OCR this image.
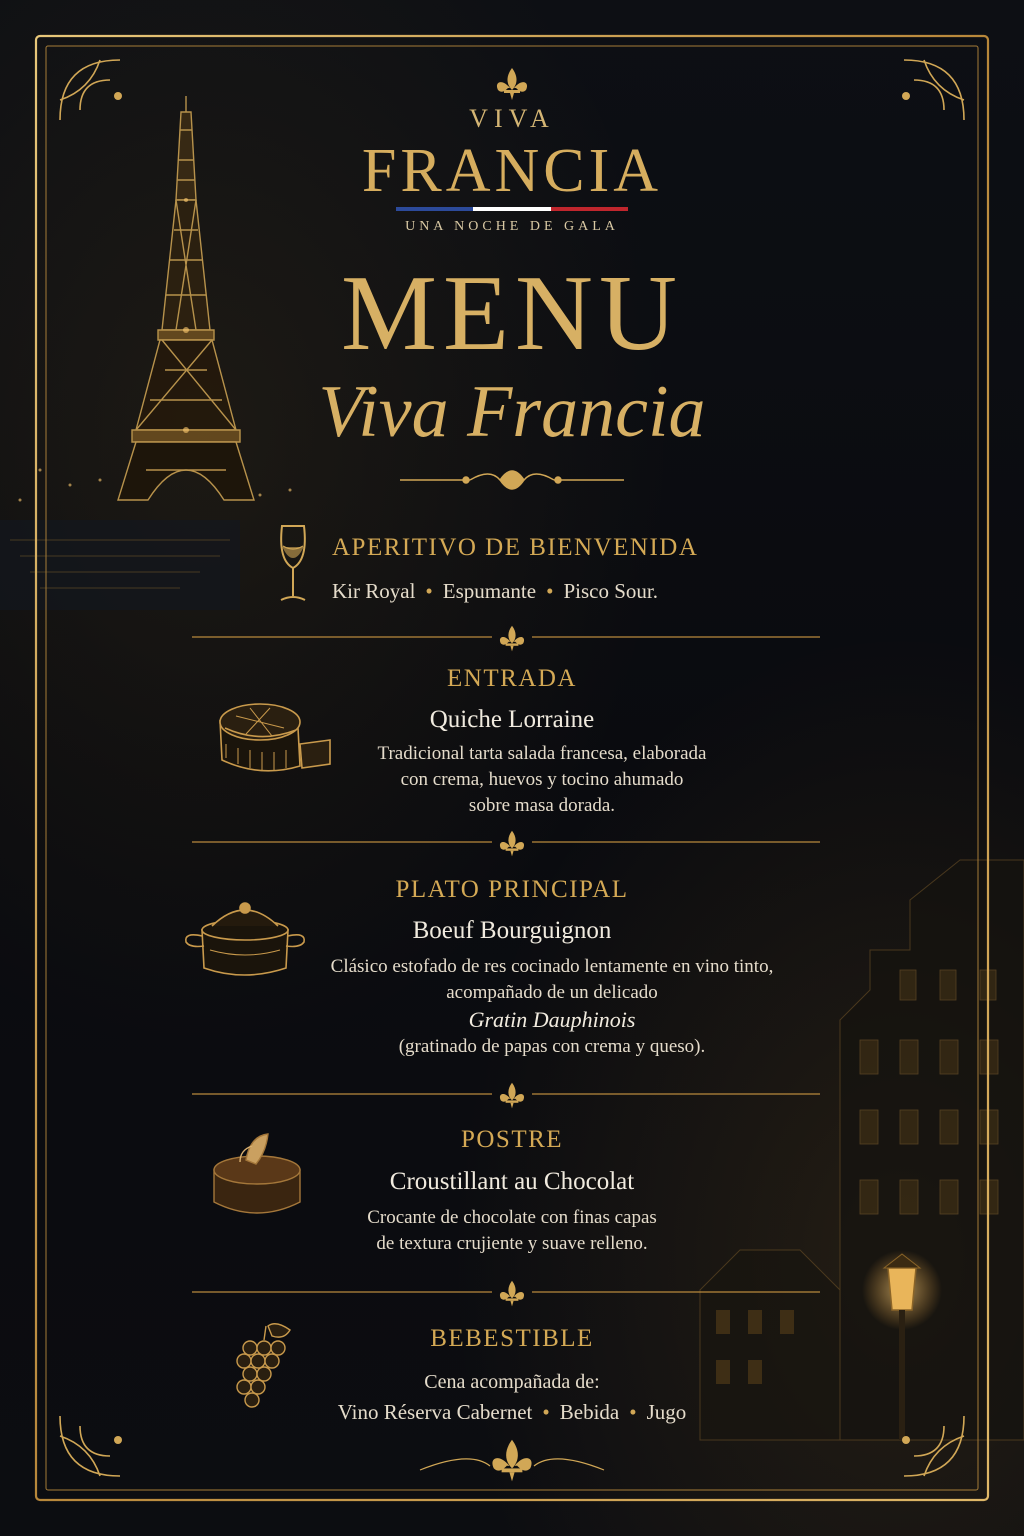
VIVA
FRANCIA
UNA NOCHE DE GALA
MENU
Viva Francia
APERITIVO DE BIENVENIDA
Kir Royal • Espumante • Pisco Sour.
ENTRADA
Quiche Lorraine
Tradicional tarta salada francesa, elaborada
con crema, huevos y tocino ahumado
sobre masa dorada.
PLATO PRINCIPAL
Boeuf Bourguignon
Clásico estofado de res cocinado lentamente en vino tinto,
acompañado de un delicado
Gratin Dauphinois
(gratinado de papas con crema y queso).
POSTRE
Croustillant au Chocolat
Crocante de chocolate con finas capas
de textura crujiente y suave relleno.
BEBESTIBLE
Cena acompañada de:
Vino Réserva Cabernet • Bebida • Jugo
